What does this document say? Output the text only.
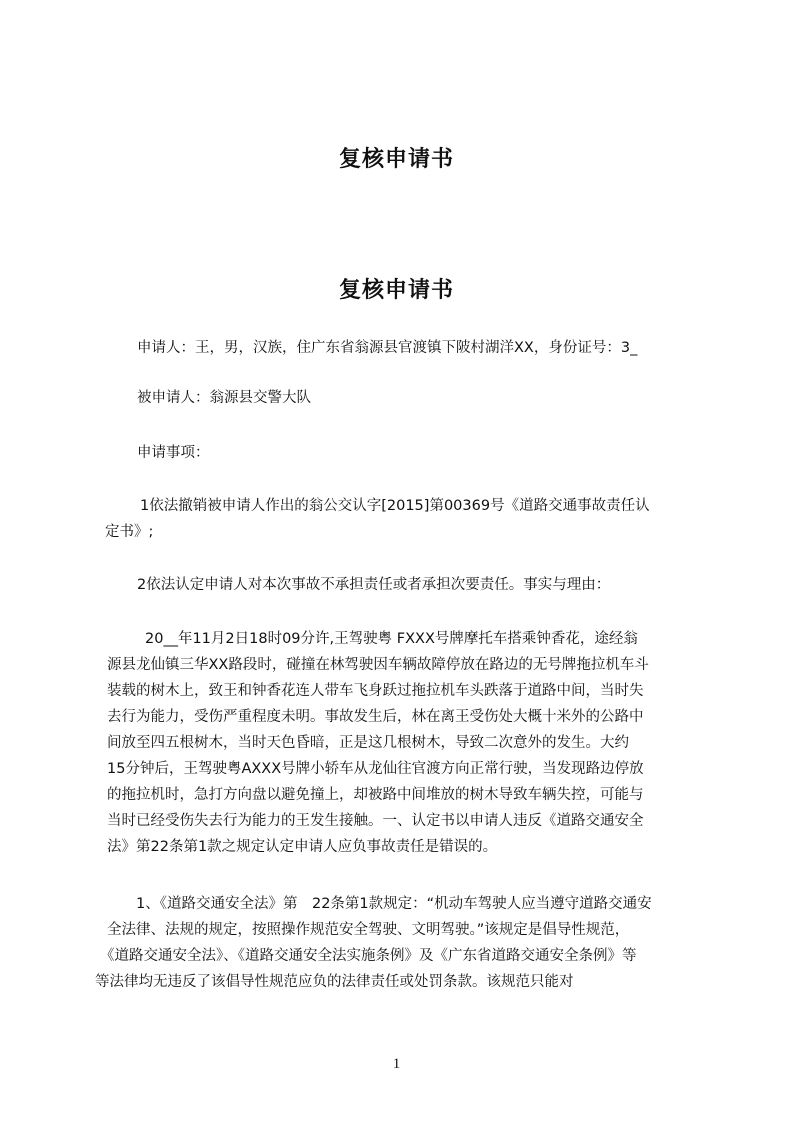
复核申请书
复核申请书
申请人：王，男，汉族，住广东省翁源县官渡镇下陂村湖洋XX，身份证号：3_
被申请人：翁源县交警大队
申请事项：
1依法撤销被申请人作出的翁公交认字[2015]第00369号《道路交通事故责任认
定书》;
2依法认定申请人对本次事故不承担责任或者承担次要责任。事实与理由：
20__年11月2日18时09分许,王驾驶粤 FXXX号牌摩托车搭乘钟香花，途经翁
源县龙仙镇三华XX路段时，碰撞在林驾驶因车辆故障停放在路边的无号牌拖拉机车斗
装载的树木上，致王和钟香花连人带车飞身跃过拖拉机车头跌落于道路中间，当时失
去行为能力，受伤严重程度未明。事故发生后，林在离王受伤处大概十米外的公路中
间放至四五根树木，当时天色昏暗，正是这几根树木，导致二次意外的发生。大约
15分钟后，王驾驶粤AXXX号牌小轿车从龙仙往官渡方向正常行驶，当发现路边停放
的拖拉机时，急打方向盘以避免撞上，却被路中间堆放的树木导致车辆失控，可能与
当时已经受伤失去行为能力的王发生接触。一、认定书以申请人违反《道路交通安全
法》第22条第1款之规定认定申请人应负事故责任是错误的。
1、《道路交通安全法》第　22条第1款规定：“机动车驾驶人应当遵守道路交通安
全法律、法规的规定，按照操作规范安全驾驶、文明驾驶。”该规定是倡导性规范，
《道路交通安全法》、《道路交通安全法实施条例》及《广东省道路交通安全条例》等
等法律均无违反了该倡导性规范应负的法律责任或处罚条款。该规范只能对
1
